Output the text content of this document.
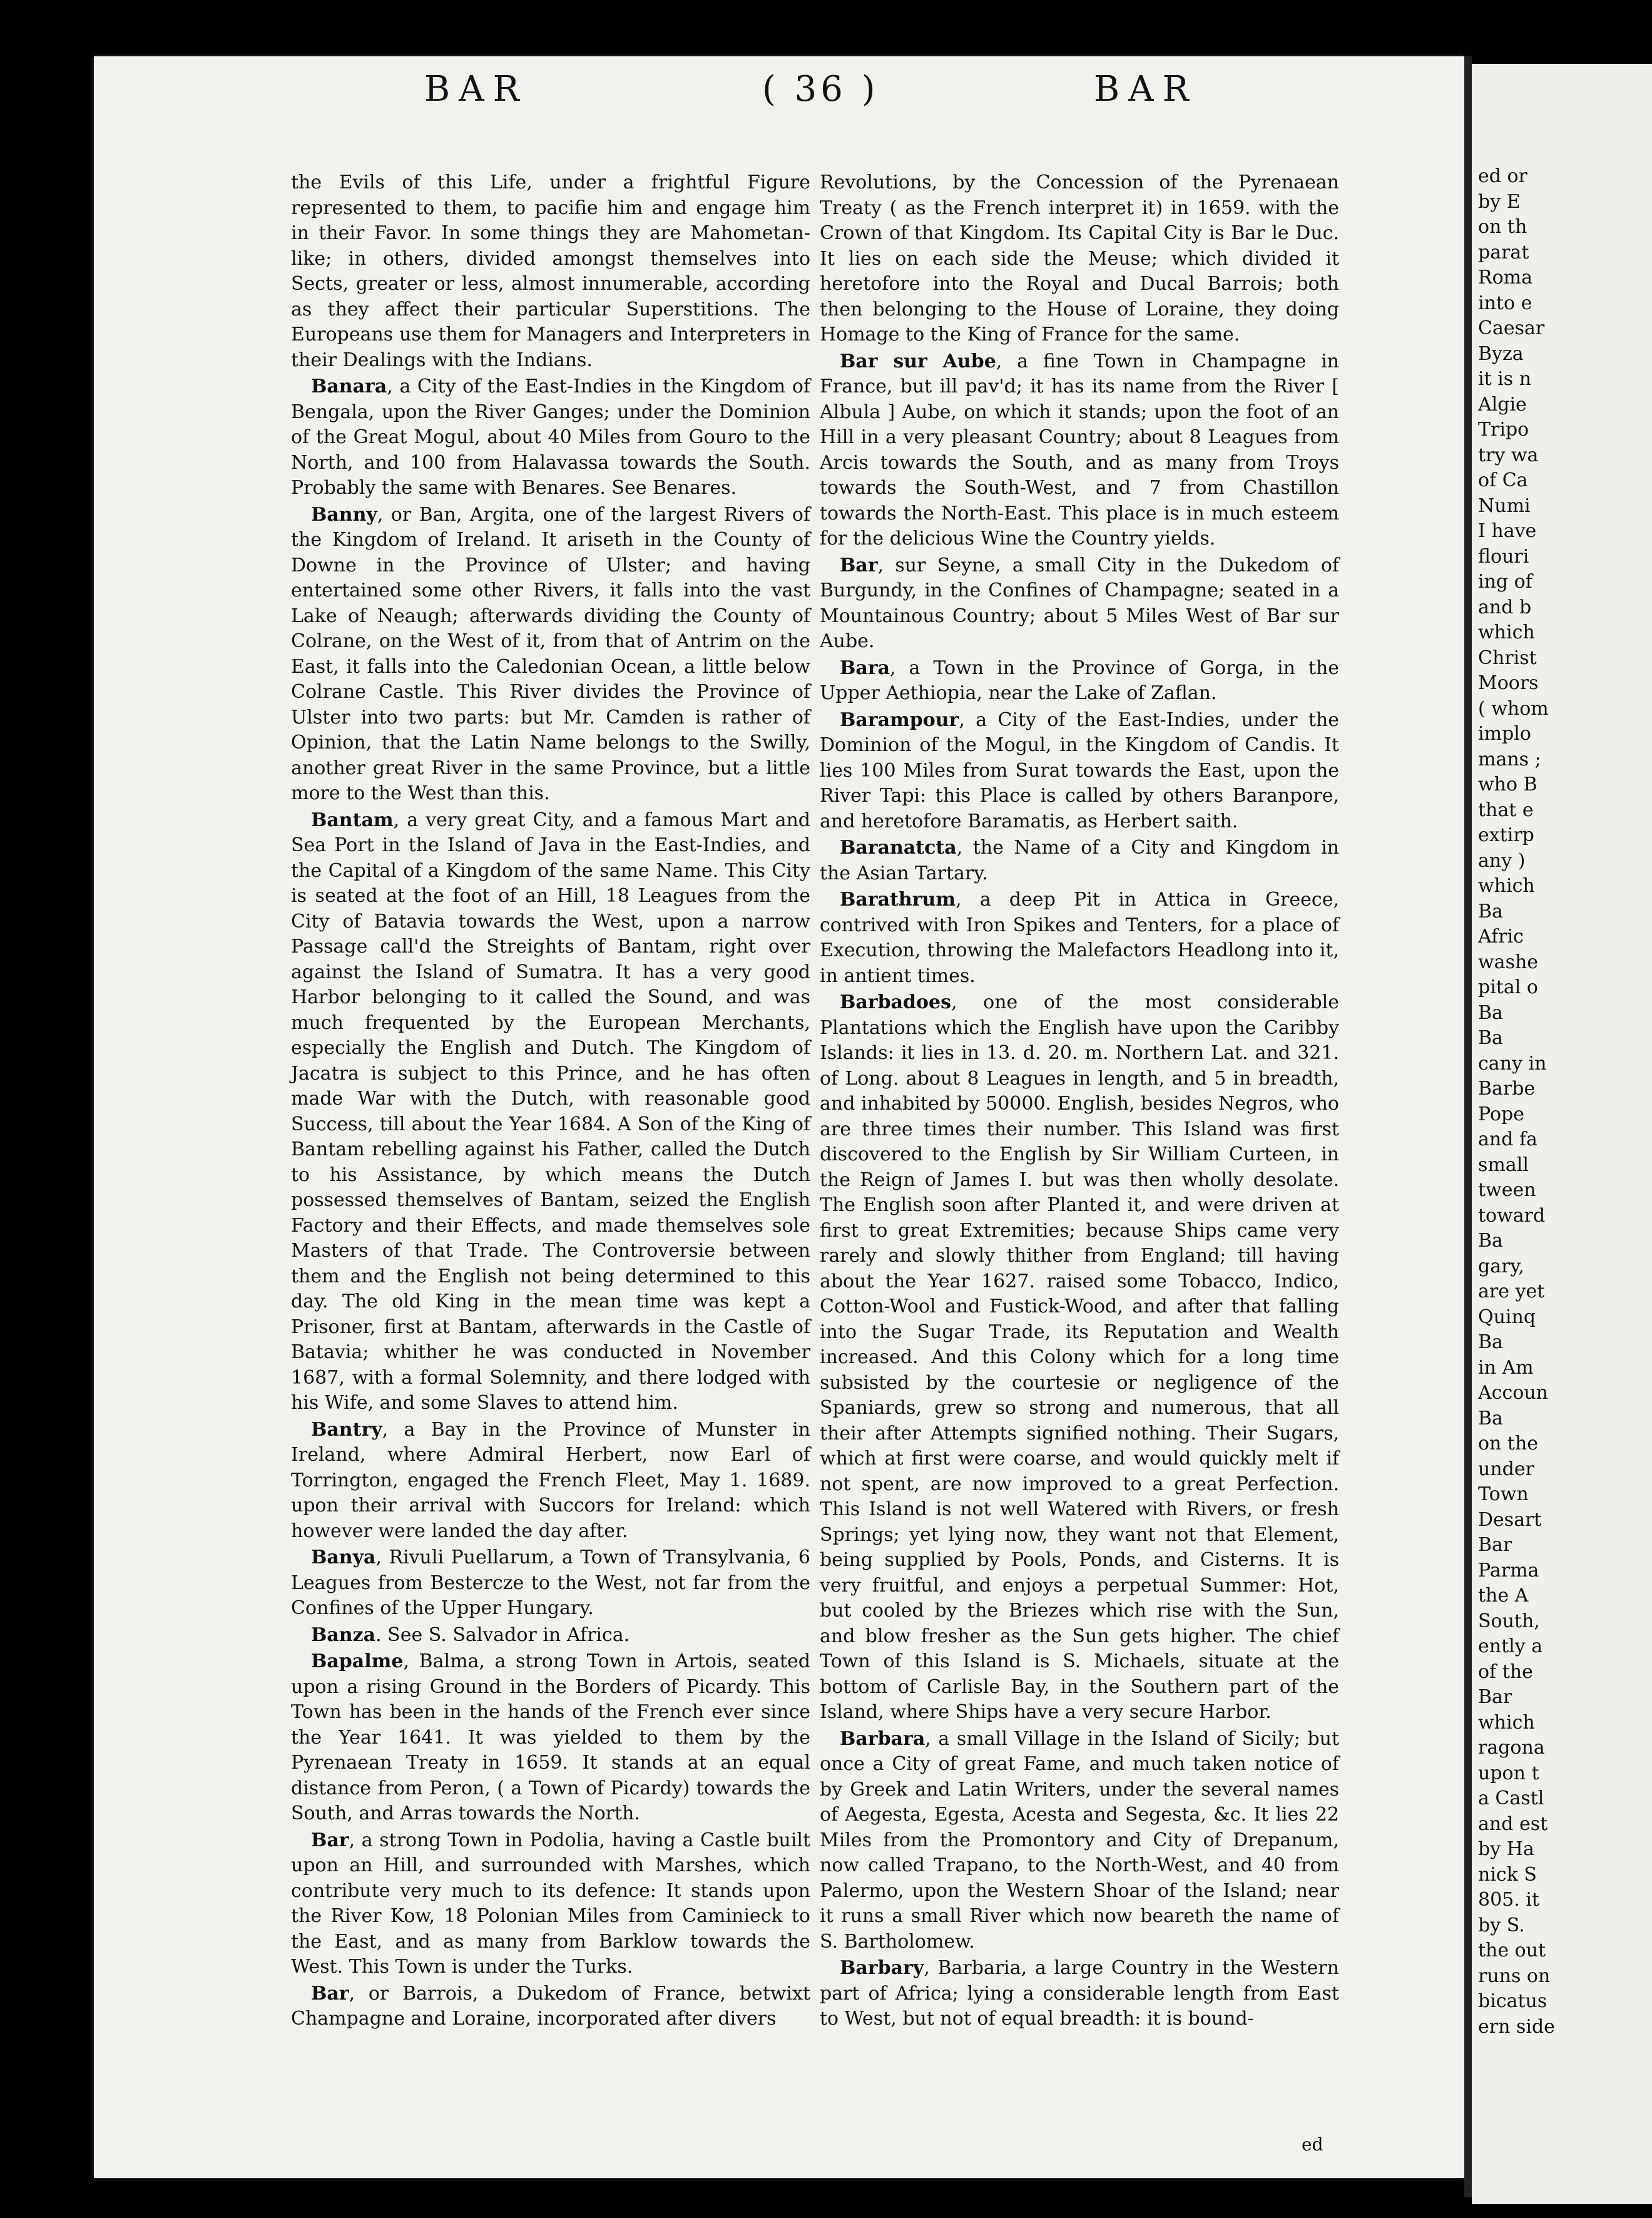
BAR	( 36 )	BAR

the Evils of this Life, under a frightful Figure represented to them, to pacifie him and engage him in their Favor. In some things they are Mahometan-like; in others, divided amongst themselves into Sects, greater or less, almost innumerable, according as they affect their particular Superstitions. The Europeans use them for Managers and Interpreters in their Dealings with the Indians.

Banara, a City of the East-Indies in the Kingdom of Bengala, upon the River Ganges; under the Dominion of the Great Mogul, about 40 Miles from Gouro to the North, and 100 from Halavassa towards the South. Probably the same with Benares. See Benares.

Banny, or Ban, Argita, one of the largest Rivers of the Kingdom of Ireland. It ariseth in the County of Downe in the Province of Ulster; and having entertained some other Rivers, it falls into the vast Lake of Neaugh; afterwards dividing the County of Colrane, on the West of it, from that of Antrim on the East, it falls into the Caledonian Ocean, a little below Colrane Castle. This River divides the Province of Ulster into two parts: but Mr. Camden is rather of Opinion, that the Latin Name belongs to the Swilly, another great River in the same Province, but a little more to the West than this.

Bantam, a very great City, and a famous Mart and Sea Port in the Island of Java in the East-Indies, and the Capital of a Kingdom of the same Name. This City is seated at the foot of an Hill, 18 Leagues from the City of Batavia towards the West, upon a narrow Passage call'd the Streights of Bantam, right over against the Island of Sumatra. It has a very good Harbor belonging to it called the Sound, and was much frequented by the European Merchants, especially the English and Dutch. The Kingdom of Jacatra is subject to this Prince, and he has often made War with the Dutch, with reasonable good Success, till about the Year 1684. A Son of the King of Bantam rebelling against his Father, called the Dutch to his Assistance, by which means the Dutch possessed themselves of Bantam, seized the English Factory and their Effects, and made themselves sole Masters of that Trade. The Controversie between them and the English not being determined to this day. The old King in the mean time was kept a Prisoner, first at Bantam, afterwards in the Castle of Batavia; whither he was conducted in November 1687, with a formal Solemnity, and there lodged with his Wife, and some Slaves to attend him.

Bantry, a Bay in the Province of Munster in Ireland, where Admiral Herbert, now Earl of Torrington, engaged the French Fleet, May 1. 1689. upon their arrival with Succors for Ireland: which however were landed the day after.

Banya, Rivuli Puellarum, a Town of Transylvania, 6 Leagues from Bestercze to the West, not far from the Confines of the Upper Hungary.

Banza. See S. Salvador in Africa.

Bapalme, Balma, a strong Town in Artois, seated upon a rising Ground in the Borders of Picardy. This Town has been in the hands of the French ever since the Year 1641. It was yielded to them by the Pyrenaean Treaty in 1659. It stands at an equal distance from Peron, ( a Town of Picardy) towards the South, and Arras towards the North.

Bar, a strong Town in Podolia, having a Castle built upon an Hill, and surrounded with Marshes, which contribute very much to its defence: It stands upon the River Kow, 18 Polonian Miles from Caminieck to the East, and as many from Barklow towards the West. This Town is under the Turks.

Bar, or Barrois, a Dukedom of France, betwixt Champagne and Loraine, incorporated after divers

Revolutions, by the Concession of the Pyrenaean Treaty ( as the French interpret it) in 1659. with the Crown of that Kingdom. Its Capital City is Bar le Duc. It lies on each side the Meuse; which divided it heretofore into the Royal and Ducal Barrois; both then belonging to the House of Loraine, they doing Homage to the King of France for the same.

Bar sur Aube, a fine Town in Champagne in France, but ill pav'd; it has its name from the River [ Albula ] Aube, on which it stands; upon the foot of an Hill in a very pleasant Country; about 8 Leagues from Arcis towards the South, and as many from Troys towards the South-West, and 7 from Chastillon towards the North-East. This place is in much esteem for the delicious Wine the Country yields.

Bar, sur Seyne, a small City in the Dukedom of Burgundy, in the Confines of Champagne; seated in a Mountainous Country; about 5 Miles West of Bar sur Aube.

Bara, a Town in the Province of Gorga, in the Upper Aethiopia, near the Lake of Zaflan.

Barampour, a City of the East-Indies, under the Dominion of the Mogul, in the Kingdom of Candis. It lies 100 Miles from Surat towards the East, upon the River Tapi: this Place is called by others Baranpore, and heretofore Baramatis, as Herbert saith.

Baranatcta, the Name of a City and Kingdom in the Asian Tartary.

Barathrum, a deep Pit in Attica in Greece, contrived with Iron Spikes and Tenters, for a place of Execution, throwing the Malefactors Headlong into it, in antient times.

Barbadoes, one of the most considerable Plantations which the English have upon the Caribby Islands: it lies in 13. d. 20. m. Northern Lat. and 321. of Long. about 8 Leagues in length, and 5 in breadth, and inhabited by 50000. English, besides Negros, who are three times their number. This Island was first discovered to the English by Sir William Curteen, in the Reign of James I. but was then wholly desolate. The English soon after Planted it, and were driven at first to great Extremities; because Ships came very rarely and slowly thither from England; till having about the Year 1627. raised some Tobacco, Indico, Cotton-Wool and Fustick-Wood, and after that falling into the Sugar Trade, its Reputation and Wealth increased. And this Colony which for a long time subsisted by the courtesie or negligence of the Spaniards, grew so strong and numerous, that all their after Attempts signified nothing. Their Sugars, which at first were coarse, and would quickly melt if not spent, are now improved to a great Perfection. This Island is not well Watered with Rivers, or fresh Springs; yet lying now, they want not that Element, being supplied by Pools, Ponds, and Cisterns. It is very fruitful, and enjoys a perpetual Summer: Hot, but cooled by the Briezes which rise with the Sun, and blow fresher as the Sun gets higher. The chief Town of this Island is S. Michaels, situate at the bottom of Carlisle Bay, in the Southern part of the Island, where Ships have a very secure Harbor.

Barbara, a small Village in the Island of Sicily; but once a City of great Fame, and much taken notice of by Greek and Latin Writers, under the several names of Aegesta, Egesta, Acesta and Segesta, &c. It lies 22 Miles from the Promontory and City of Drepanum, now called Trapano, to the North-West, and 40 from Palermo, upon the Western Shoar of the Island; near it runs a small River which now beareth the name of S. Bartholomew.

Barbary, Barbaria, a large Country in the Western part of Africa; lying a considerable length from East to West, but not of equal breadth: it is bound-

ed
ed or
by E
on th
parat
Roma
into e
Caesar
Byza
it is n
Algie
Tripo
try wa
of Ca
Numi
I have
flouri
ing of
and b
which
Christ
Moors
( whom
implo
mans ;
who B
that e
extirp
any )
which
Ba
Afric
washe
pital o
Ba
Ba
cany in
Barbe
Pope
and fa
small
tween
toward
Ba
gary,
are yet
Quinq
Ba
in Am
Accoun
Ba
on the
under
Town
Desart
Bar
Parma
the A
South,
ently a
of the
Bar
which
ragona
upon t
a Castl
and est
by Ha
nick S
805. it
by S.
the out
runs on
bicatus
ern side
